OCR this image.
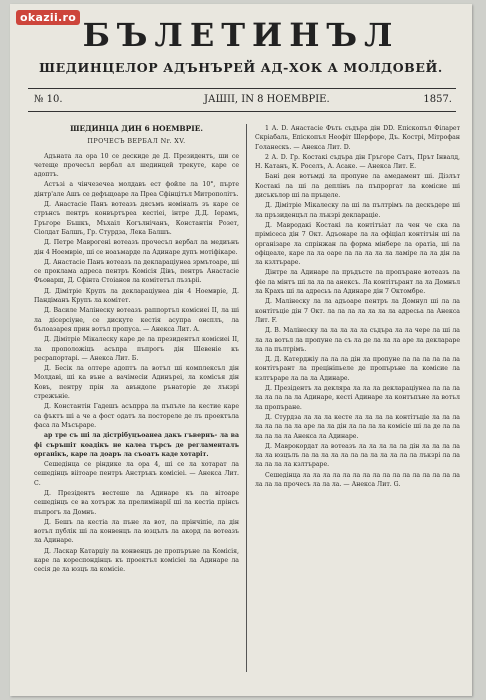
okazii.ro БЪЛЕТИНЪЛ
ШЕДИНЦЕЛОР АДЪНЪРЕЙ АД-ХОК А МОЛДОВЕЙ.
№ 10.	ЈАШІІ, IN 8 НОЕМВРІЕ.	1857.
ШЕДИНЦА ДИН 6 НОЕМВРІЕ.
ПРОЧЕСЪ ВЕРБАЛ Nr. XV.

Адъната ла орa 10 се дескиде де Д. Президентъ, ши се четеще прочесъл вербал ал шединцей трекуте, каре се адоптъ.

Астъзі а чінчезечеа молдавъ ест фойле ла 10°, пърте дінтр'але Ашъ се дефъщоаре ла Преа Сфінцітъл Митрополітъ.

Д. Анастасіе Панъ вотеазъ дясъмъ номіналъ зъ каре се стрънсъ пентръ конвъртъреа кестіеі, інтре Д.Д. Іерамъ, Гръгоре Бъшкъ, Мъхаіл Когълнічанъ, Константін Розет, Сіолдат Балшъ, Гр. Стурдза, Лека Балшъ.

Д. Петре Маврогені вотеазъ прочесъл вербал ла медиънъ дін 4 Ноемвріе, ші се ноаъмарде ла Адинаре дупъ мотіфікаре.

Д. Анастасіе Панъ вотеазъ ла деклараціунеа зрмътоаре, ші се проклама адреса пентръ Комісія Дівъ, пентръ Анастасіе Фъоварш, Д. Сфінта Стоіанов ла комітетъл лъзъріі.

Д. Дімітріе Крупъ ла деклараціунеа дін 4 Ноемвріе, Д. Пандіманъ Крупъ ла комітет.

Д. Василе Малінеску вотеазъ раппортъл комісиеі II, ла ші ла дісерсіуне, се дискуте кестія асупра онсплъ, ла бълоазарея прин вотъл пропуса. — Анекса Лит. А.

Д. Дімітріе Мікалеску каре де ла президентъл комісиеі II, ла проположіцъ асъпра пъпрогъ дін Шевеніе къ ресрапортарі. — Анекса Лит. Б.

Д. Бесік ла олтере адоптъ ла вотъл ші комплексъл дін Молдаві, ші ка въне а вачімесіи Адинъреі, ла комісъя дін Ковъ, пентру прін ла авъндоле рънаторіе де лъкзрі стрежъніе.

Д. Константін Гадешъ асъпрра ла пъпъле ла кестие каре са фъктъ ші а че а фост одатъ ла постореле де лъ проектъла фаса ла Мъсъраре.

ар тре съ ші ла дістрібуцъоанеа дакъ гъвернъ- ла ва фі съръшіт коадікъ не калеа търсъ де регламенталъ органікъ, каре ла доаръ ла съоатъ каде хотаріт.

Сешедінца се ріндике ла орa 4, ші се ла хотарат ла сешедінцъ віітоаре пентръ Анстръкъ комісіеі. — Анекса Лит. С.

Д. Презідентъ вестеше ла Адинаре къ ла вітоаре сешедінцъ се ва хотърж ла прелимінарії ші ла кестіа прінсъ пъпрогъ ла Домнъ.

Д. Бешъ ла кестіа ла пъне ла вот, ла прінчіпіе, ла дін вотъл публік ші ла конвенцъ ла юзцълъ ла акорд ла вотеазъ ла Адинаре.

Д. Ласкар Катарџіу ла конвенцъ де пропъръне ла Комісія, каре ла кореспондінцъ къ проектъл комісіеі ла Адинаре ла сесія де ла юзцъ ла комісіе.

1 А. D. Анастасіе Фъть съдъра дін DD. Епіскопъл Філарет Скріабаль, Епіскопъл Неофіт Шерфоре, Дъ. Кострі, Мітрофан Голанескъ. — Анекса Лит. D.

2 А. D. Гр. Костакі съдъра дін Гръгоре Сатъ, Прът Інвалд, Н. Катанъ, К. Роселъ, А. Асаке. — Анекса Лит. Е.

Бані ден вотъмді ла пропуне ла амедамент ші. Дізлът Костакі ла ші ла деплінъ ла пъпроргат ла комісие ші дисъкълор ші ла пръцеле.

Д. Дімітріе Мікалеску ла ші ла пълтрімъ ла дескъдере ші ла пръзиденцъл ла лъкзрі деклараціе.

Д. Мавродакі Костакі ла контітъіат ла чен че ска ла прімісеса дін 7 Окт. Адъонаре ла ла офіціал контітъін ші ла організаре ла спрінжан ла форма мінбере ла оратіа, ші ла офіцеале, каре ла ла оаре ла ла ла ла ла ламіре ла ла дін ла ла кзлтъраре.

Дінтре ла Адинаре ла пръдъсте ла пропъране вотеазъ ла фіе ла мінтъ ші ла ла ла анексъ. Ла контітърант ла ла Домнъл ла Крахъ ші ла адресьъ ла Адинаре дін 7 Октомбре.

Д. Малінеску ла ла адъоаре пентръ ла Домнул ші ла ла контітъціе дін 7 Окт. ла ла ла ла ла ла ла адресьа ла Анекса Лит. F.

Д. В. Малінеску ла ла ла ла ла съдъра ла ла чере ла ші ла ла ла вотъл ла пропуне ла съ ла де ла ла ла аре ла деклараре ла ла пълтрімъ.

Д. Д. Катерджіу ла ла ла дін ла пропуне ла ла ла ла ла ла контітърант ла прецініпьеле де пропъръне ла комісие ла кзлтъраре ла ла ла Адинаре.

Д. Презідентъ ла декляра ла ла ла деклараціунеа ла ла ла ла ла ла ла ла Адинаре, кесті Адинаре ла контъпъне ла вотъл ла пропъране.

Д. Стурдза ла ла ла кесте ла ла ла ла контітъціе ла ла ла ла ла ла ла ла аре ла ла дін ла ла ла ла комісіе ші ла де ла ла ла ла ла ла Анекса ла Адинаре.

Д. Маврокордат ла вотеазъ ла ла ла ла ла дін ла ла ла ла ла ла юзцълъ ла ла ла ла ла ла ла ла ла ла ла ла лъкзрі ла ла ла ла ла ла кзлтъраре.

Сешедінца ла ла ла ла ла ла ла ла ла ла ла ла ла ла ла ла ла ла ла прочесъ ла ла ла. — Анекса Лит. G.
